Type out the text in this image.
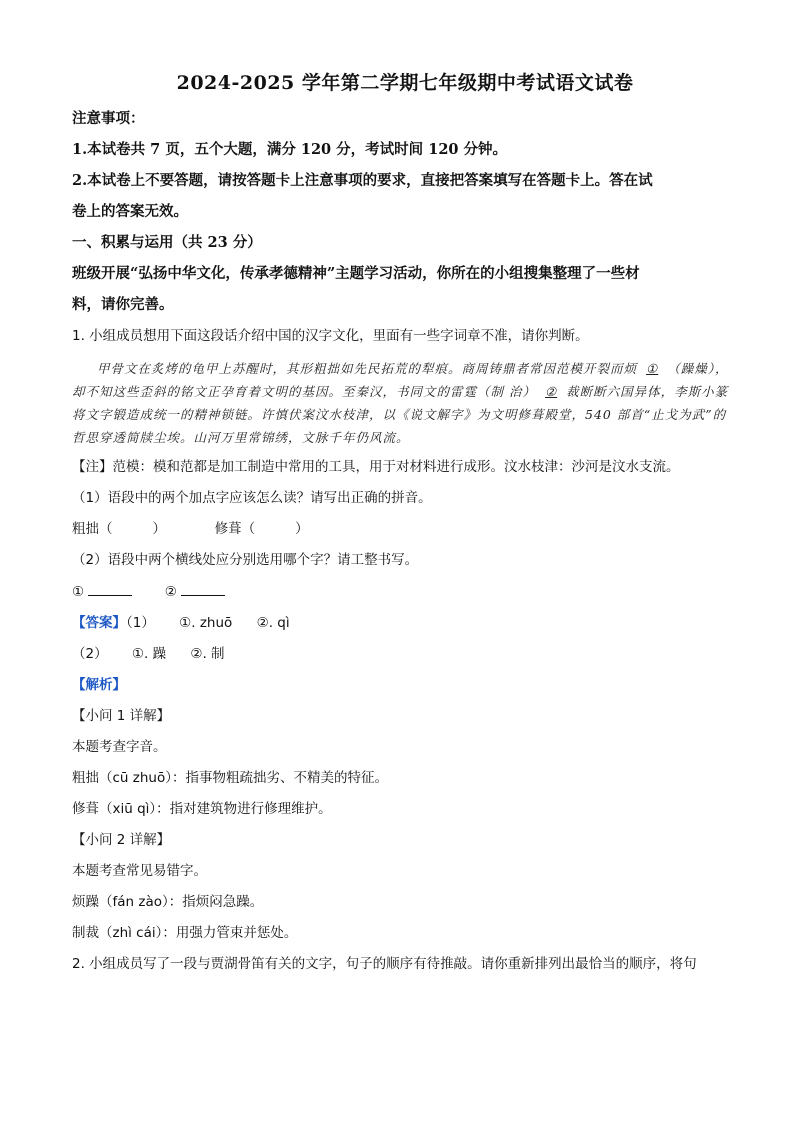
2024-2025 学年第二学期七年级期中考试语文试卷
注意事项：
1.本试卷共 7 页，五个大题，满分 120 分，考试时间 120 分钟。
2.本试卷上不要答题，请按答题卡上注意事项的要求，直接把答案填写在答题卡上。答在试
卷上的答案无效。
一、积累与运用（共 23 分）
班级开展“弘扬中华文化，传承孝德精神”主题学习活动，你所在的小组搜集整理了一些材
料，请你完善。
1. 小组成员想用下面这段话介绍中国的汉字文化，里面有一些字词章不准，请你判断。
甲骨文在炙烤的龟甲上苏醒时，其形粗拙如先民拓荒的犁痕。商周铸鼎者常因范模开裂而烦 ① （躁燥），却不知这些歪斜的铭文正孕育着文明的基因。至秦汉，书同文的雷霆（制 治） ② 裁断断六国异体，李斯小篆将文字锻造成统一的精神锁链。许慎伏案汶水枝津，以《说文解字》为文明修葺殿堂，540 部首“止戈为武”的哲思穿透简牍尘埃。山河万里常锦绣，文脉千年仍风流。
【注】范模：模和范都是加工制造中常用的工具，用于对材料进行成形。汶水枝津：沙河是汶水支流。
（1）语段中的两个加点字应该怎么读？请写出正确的拼音。
粗拙（	）	修葺（	）
（2）语段中两个横线处应分别选用哪个字？请工整书写。
①	②
【答案】（1） ①. zhuō ②. qì
（2） ①. 躁 ②. 制
【解析】
【小问 1 详解】
本题考查字音。
粗拙（cū zhuō）：指事物粗疏拙劣、不精美的特征。
修葺（xiū qì）：指对建筑物进行修理维护。
【小问 2 详解】
本题考查常见易错字。
烦躁（fán zào）：指烦闷急躁。
制裁（zhì cái）：用强力管束并惩处。
2. 小组成员写了一段与贾湖骨笛有关的文字，句子的顺序有待推敲。请你重新排列出最恰当的顺序，将句
